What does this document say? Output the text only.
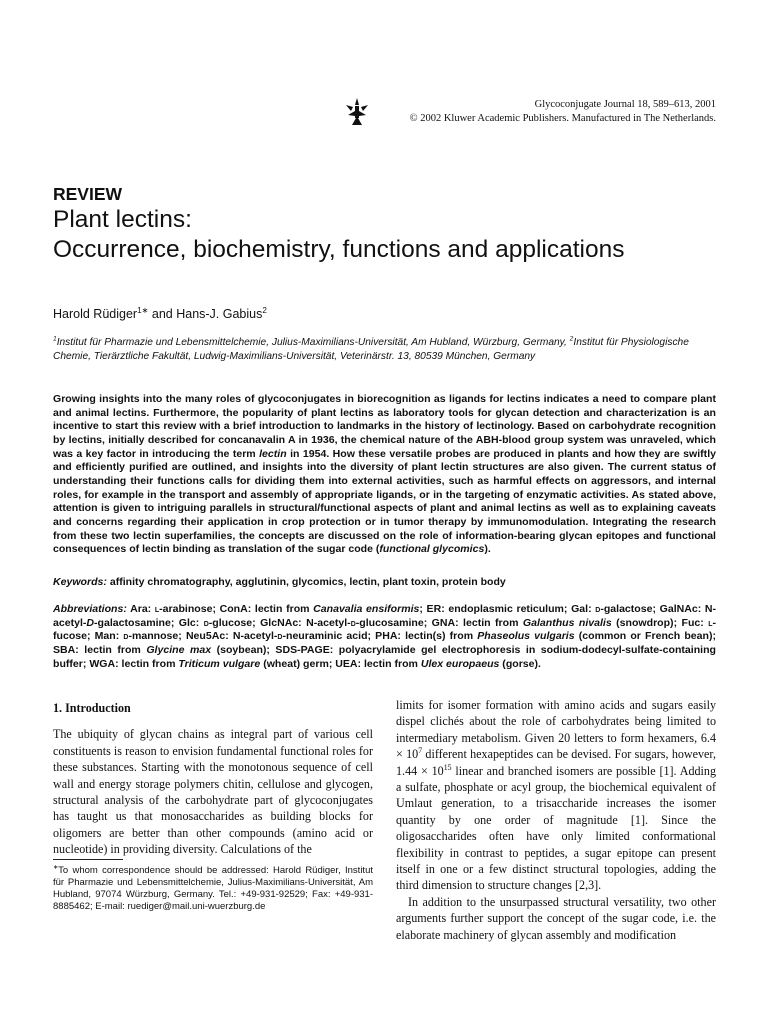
Glycoconjugate Journal 18, 589–613, 2001
© 2002 Kluwer Academic Publishers. Manufactured in The Netherlands.
REVIEW
Plant lectins:
Occurrence, biochemistry, functions and applications
Harold Rüdiger$^{1∗}$ and Hans-J. Gabius$^2$
$^1$Institut für Pharmazie und Lebensmittelchemie, Julius-Maximilians-Universität, Am Hubland, Würzburg, Germany, $^2$Institut für Physiologische Chemie, Tierärztliche Fakultät, Ludwig-Maximilians-Universität, Veterinärstr. 13, 80539 München, Germany
Growing insights into the many roles of glycoconjugates in biorecognition as ligands for lectins indicates a need to compare plant and animal lectins. Furthermore, the popularity of plant lectins as laboratory tools for glycan detection and characterization is an incentive to start this review with a brief introduction to landmarks in the history of lectinology. Based on carbohydrate recognition by lectins, initially described for concanavalin A in 1936, the chemical nature of the ABH-blood group system was unraveled, which was a key factor in introducing the term lectin in 1954. How these versatile probes are produced in plants and how they are swiftly and efficiently purified are outlined, and insights into the diversity of plant lectin structures are also given. The current status of understanding their functions calls for dividing them into external activities, such as harmful effects on aggressors, and internal roles, for example in the transport and assembly of appropriate ligands, or in the targeting of enzymatic activities. As stated above, attention is given to intriguing parallels in structural/functional aspects of plant and animal lectins as well as to explaining caveats and concerns regarding their application in crop protection or in tumor therapy by immunomodulation. Integrating the research from these two lectin superfamilies, the concepts are discussed on the role of information-bearing glycan epitopes and functional consequences of lectin binding as translation of the sugar code (functional glycomics).
Keywords: affinity chromatography, agglutinin, glycomics, lectin, plant toxin, protein body
Abbreviations: Ara: l-arabinose; ConA: lectin from Canavalia ensiformis; ER: endoplasmic reticulum; Gal: d-galactose; GalNAc: N-acetyl-D-galactosamine; Glc: d-glucose; GlcNAc: N-acetyl-d-glucosamine; GNA: lectin from Galanthus nivalis (snowdrop); Fuc: l-fucose; Man: d-mannose; Neu5Ac: N-acetyl-d-neuraminic acid; PHA: lectin(s) from Phaseolus vulgaris (common or French bean); SBA: lectin from Glycine max (soybean); SDS-PAGE: polyacrylamide gel electrophoresis in sodium-dodecyl-sulfate-containing buffer; WGA: lectin from Triticum vulgare (wheat) germ; UEA: lectin from Ulex europaeus (gorse).
1. Introduction

The ubiquity of glycan chains as integral part of various cell constituents is reason to envision fundamental functional roles for these substances. Starting with the monotonous sequence of cell wall and energy storage polymers chitin, cellulose and glycogen, structural analysis of the carbohydrate part of glycoconjugates has taught us that monosaccharides as building blocks for oligomers are better than other compounds (amino acid or nucleotide) in providing diversity. Calculations of the

limits for isomer formation with amino acids and sugars easily dispel clichés about the role of carbohydrates being limited to intermediary metabolism. Given 20 letters to form hexamers, $6.4 \times 10^7$ different hexapeptides can be devised. For sugars, however, $1.44 \times 10^{15}$ linear and branched isomers are possible [1]. Adding a sulfate, phosphate or acyl group, the biochemical equivalent of Umlaut generation, to a trisaccharide increases the isomer quantity by one order of magnitude [1]. Since the oligosaccharides often have only limited conformational flexibility in contrast to peptides, a sugar epitope can present itself in one or a few distinct structural topologies, adding the third dimension to structure changes [2,3].

In addition to the unsurpassed structural versatility, two other arguments further support the concept of the sugar code, i.e. the elaborate machinery of glycan assembly and modification

∗To whom correspondence should be addressed: Harold Rüdiger, Institut für Pharmazie und Lebensmittelchemie, Julius-Maximilians-Universität, Am Hubland, 97074 Würzburg, Germany. Tel.: +49-931-92529; Fax: +49-931-8885462; E-mail: ruediger@mail.uni-wuerzburg.de
